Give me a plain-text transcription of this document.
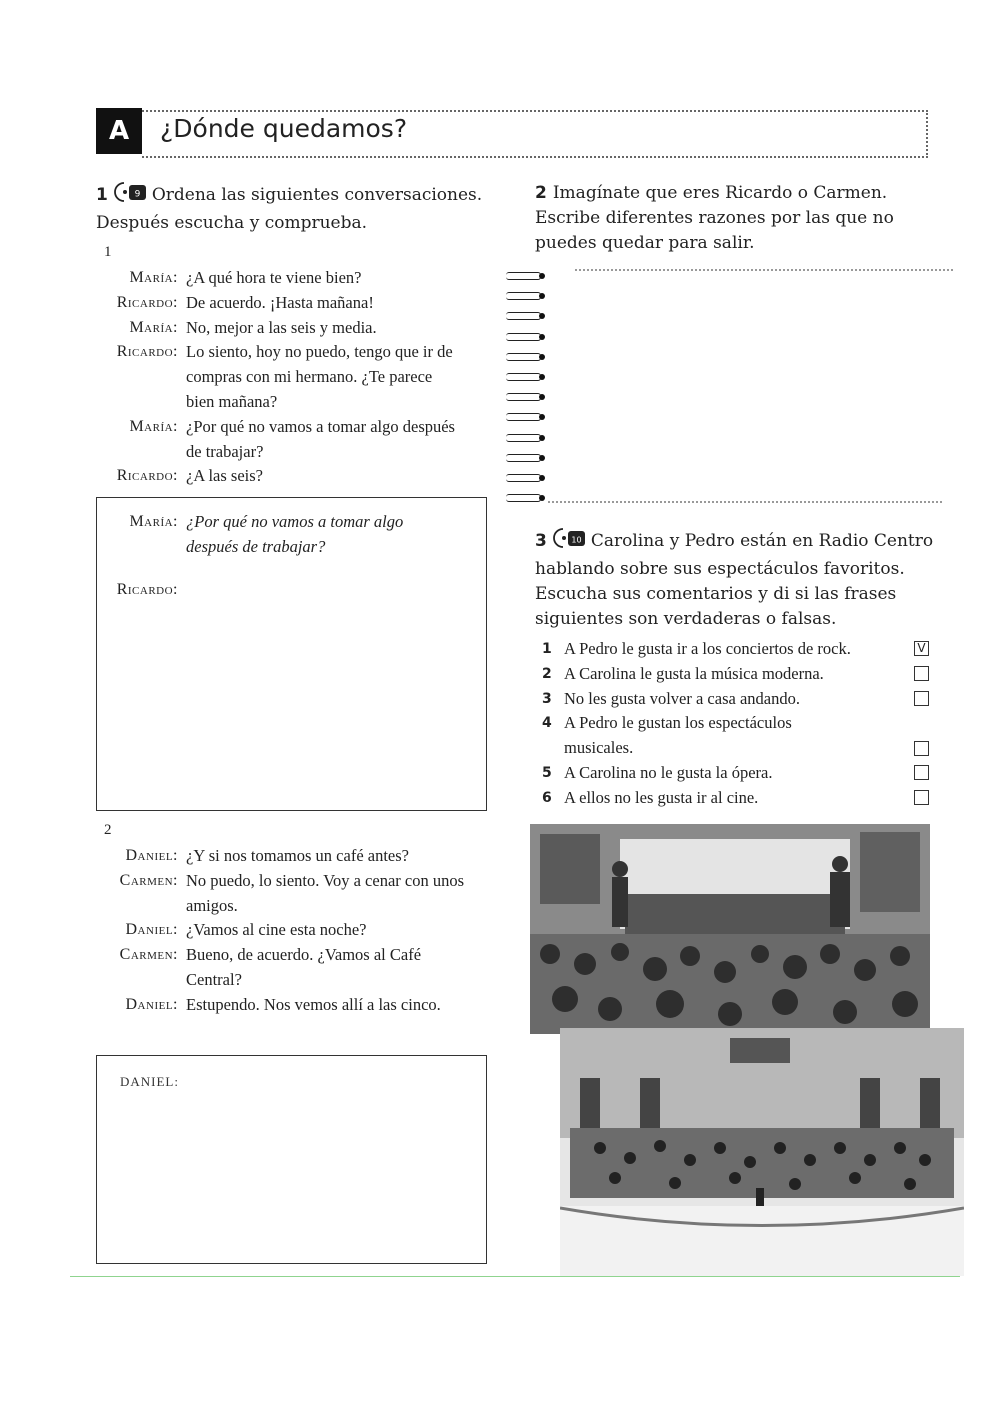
A	¿Dónde quedamos?
1	9 Ordena las siguientes conversaciones.
Después escucha y comprueba.
1
María: ¿A qué hora te viene bien?
Ricardo: De acuerdo. ¡Hasta mañana!
María: No, mejor a las seis y media.
Ricardo: Lo siento, hoy no puedo, tengo que ir de
compras con mi hermano. ¿Te parece
bien mañana?
María: ¿Por qué no vamos a tomar algo después
de trabajar?
Ricardo: ¿A las seis?
María: ¿Por qué no vamos a tomar algo
después de trabajar?
Ricardo:
2
Daniel: ¿Y si nos tomamos un café antes?
Carmen: No puedo, lo siento. Voy a cenar con unos
amigos.
Daniel: ¿Vamos al cine esta noche?
Carmen: Bueno, de acuerdo. ¿Vamos al Café
Central?
Daniel: Estupendo. Nos vemos allí a las cinco.
DANIEL:
2 Imagínate que eres Ricardo o Carmen.
Escribe diferentes razones por las que no
puedes quedar para salir.
3	10 Carolina y Pedro están en Radio Centro
hablando sobre sus espectáculos favoritos.
Escucha sus comentarios y di si las frases
siguientes son verdaderas o falsas.
1 A Pedro le gusta ir a los conciertos de rock.	V
2 A Carolina le gusta la música moderna.
3 No les gusta volver a casa andando.
4 A Pedro le gustan los espectáculos
musicales.
5 A Carolina no le gusta la ópera.
6 A ellos no les gusta ir al cine.
